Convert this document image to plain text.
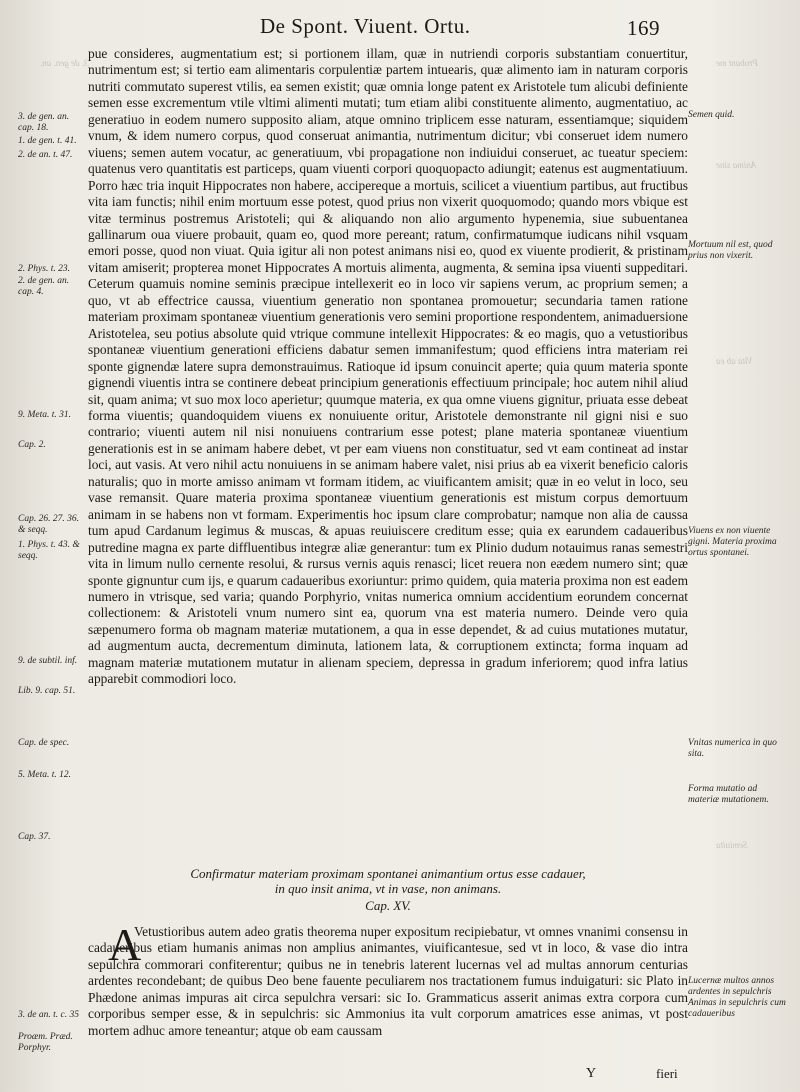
De Spont. Viuent. Ortu.	169
3. de gen. an.	Probant me
Anima sine
Vita ab ea
Semiuita

pue consideres, augmentatium est; si portionem illam, quæ in nutriendi corporis substantiam conuertitur, nutrimentum est; si tertio eam alimentaris corpulentiæ partem intuearis, quæ alimento iam in naturam corporis nutriti commutato superest vtilis, ea semen existit; quæ omnia longe patent ex Aristotele tum alicubi definiente semen esse excrementum vtile vltimi alimenti mutati; tum etiam alibi constituente alimento, augmentatiuo, ac generatiuo in eodem numero supposito aliam, atque omnino triplicem esse naturam, essentiamque; siquidem vnum, & idem numero corpus, quod conseruat animantia, nutrimentum dicitur; vbi conseruet idem numero viuens; semen autem vocatur, ac generatiuum, vbi propagatione non indiuidui conseruet, ac tueatur speciem: quatenus vero quantitatis est particeps, quam viuenti corpori quoquopacto adiungit; eatenus est augmentatiuum. Porro hæc tria inquit Hippocrates non habere, accipereque a mortuis, scilicet a viuentium partibus, aut fructibus vita iam functis; nihil enim mortuum esse potest, quod prius non vixerit quoquomodo; quando mors vbique est vitæ terminus postremus Aristoteli; qui & aliquando non alio argumento hypenemia, siue subuentanea gallinarum oua viuere probauit, quam eo, quod more pereant; ratum, confirmatumque iudicans nihil vsquam emori posse, quod non viuat. Quia igitur ali non potest animans nisi eo, quod ex viuente prodierit, & pristinam vitam amiserit; propterea monet Hippocrates A mortuis alimenta, augmenta, & semina ipsa viuenti suppeditari. Ceterum quamuis nomine seminis præcipue intellexerit eo in loco vir sapiens verum, ac proprium semen; a quo, vt ab effectrice caussa, viuentium generatio non spontanea promouetur; secundaria tamen ratione materiam proximam spontaneæ viuentium generationis vero semini proportione respondentem, animaduersione Aristotelea, seu potius absolute quid vtrique commune intellexit Hippocrates: & eo magis, quo a vetustioribus spontaneæ viuentium generationi efficiens dabatur semen immanifestum; quod efficiens intra materiam rei sponte gignendæ latere supra demonstrauimus. Ratioque id ipsum conuincit aperte; quia quum materia sponte gignendi viuentis intra se continere debeat principium generationis effectiuum principale; hoc autem nihil aliud sit, quam anima; vt suo mox loco aperietur; quumque materia, ex qua omne viuens gignitur, priuata esse debeat forma viuentis; quandoquidem viuens ex nonuiuente oritur, Aristotele demonstrante nil gigni nisi e suo contrario; viuenti autem nil nisi nonuiuens contrarium esse potest; plane materia spontaneæ viuentium generationis est in se animam habere debet, vt per eam viuens non constituatur, sed vt eam contineat ad instar loci, aut vasis. At vero nihil actu nonuiuens in se animam habere valet, nisi prius ab ea vixerit beneficio caloris naturalis; quo in morte amisso animam vt formam itidem, ac viuificantem amisit; quæ in eo velut in loco, seu vase remansit. Quare materia proxima spontaneæ viuentium generationis est mistum corpus demortuum animam in se habens non vt formam. Experimentis hoc ipsum clare comprobatur; namque non alia de caussa tum apud Cardanum legimus & muscas, & apuas reuiuiscere creditum esse; quia ex earundem cadaueribus putredine magna ex parte diffluentibus integræ aliæ generantur: tum ex Plinio dudum notauimus ranas semestri vita in limum nullo cernente resolui, & rursus vernis aquis renasci; licet reuera non eædem numero sint; quæ sponte gignuntur cum ijs, e quarum cadaueribus exoriuntur: primo quidem, quia materia proxima non est eadem numero in vtrisque, sed varia; quando Porphyrio, vnitas numerica omnium accidentium eorundem concernat collectionem: & Aristoteli vnum numero sint ea, quorum vna est materia numero. Deinde vero quia sæpenumero forma ob magnam materiæ mutationem, a qua in esse dependet, & ad cuius mutationes mutatur, ad augmentum aucta, decrementum diminuta, lationem lata, & corruptionem extincta; forma inquam ad magnam materiæ mutationem mutatur in alienam speciem, depressa in gradum inferiorem; quod infra latius apparebit commodiori loco.

3. de gen. an. cap. 18.
1. de gen. t. 41.
2. de an. t. 47.
2. Phys. t. 23.
2. de gen. an. cap. 4.
9. Meta. t. 31.
Cap. 2.
Cap. 26. 27. 36. & seqq.
1. Phys. t. 43. & seqq.
9. de subtil. inf.
Lib. 9. cap. 51.
Cap. de spec.
5. Meta. t. 12.
Cap. 37.
3. de an. t. c. 35
Proæm. Præd. Porphyr.
Semen quid.
Mortuum nil est, quod prius non vixerit.
Viuens ex non viuente gigni. Materia proxima ortus spontanei.
Vnitas numerica in quo sita.
Forma mutatio ad materiæ mutationem.
Lucernæ multos annos ardentes in sepulchris Animas in sepulchris cum cadaueribus
Confirmatur materiam proximam spontanei animantium ortus esse cadauer,
in quo insit anima, vt in vase, non animans.
Cap. XV.
A

Vetustioribus autem adeo gratis theorema nuper expositum recipiebatur, vt omnes vnanimi consensu in cadaueribus etiam humanis animas non amplius animantes, viuificantesue, sed vt in loco, & vase dio intra sepulchra commorari confiterentur; quibus ne in tenebris laterent lucernas vel ad multas annorum centurias ardentes recondebant; de quibus Deo bene fauente peculiarem nos tractationem fumus induigaturi: sic Plato in Phædone animas impuras ait circa sepulchra versari: sic Io. Grammaticus asserit animas extra corpora cum corporibus semper esse, & in sepulchris: sic Ammonius ita vult corporum amatrices esse animas, vt post mortem adhuc amore teneantur; atque ob eam caussam

Y	fieri
